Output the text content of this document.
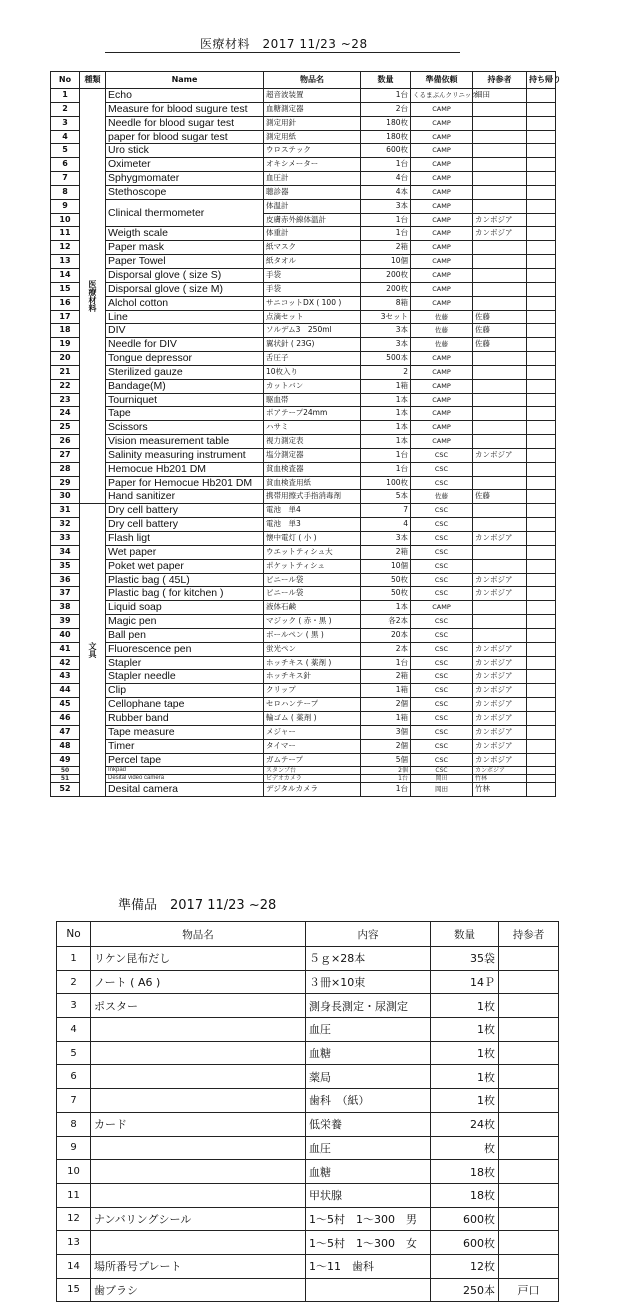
医療材料　2017 11/23 ~28
No	種類	Name	物品名	数量	準備依頼	持参者	持ち帰り
1	医療材料	Echo	超音波装置	1台	くるまぶんクリニック	細田	
2		Measure for blood sugure test	血糖測定器	2台	CAMP		
3		Needle for blood sugar test	測定用針	180枚	CAMP		
4		paper for blood sugar test	測定用紙	180枚	CAMP		
5		Uro stick	ウロステック	600枚	CAMP		
6		Oximeter	オキシメーター	1台	CAMP		
7		Sphygmomater	血圧計	4台	CAMP		
8		Stethoscope	聴診器	4本	CAMP		
9		Clinical thermometer	体温計	3本	CAMP		
10			皮膚赤外線体温計	1台	CAMP	カンボジア	
11		Weigth scale	体重計	1台	CAMP	カンボジア	
12		Paper mask	紙マスク	2箱	CAMP		
13		Paper Towel	紙タオル	10個	CAMP		
14		Disporsal glove ( size S)	手袋	200枚	CAMP		
15		Disporsal glove ( size M)	手袋	200枚	CAMP		
16		Alchol cotton	サニコットDX ( 100 )	8箱	CAMP		
17		Line	点滴セット	3セット	佐藤	佐藤	
18		DIV	ソルデム3　250ml	3本	佐藤	佐藤	
19		Needle for DIV	翼状針 ( 23G)	3本	佐藤	佐藤	
20		Tongue depressor	舌圧子	500本	CAMP		
21		Sterilized gauze	10枚入り	2	CAMP		
22		Bandage(M)	カットバン	1箱	CAMP		
23		Tourniquet	駆血帯	1本	CAMP		
24		Tape	ポアテープ24mm	1本	CAMP		
25		Scissors	ハサミ	1本	CAMP		
26		Vision measurement table	視力測定表	1本	CAMP		
27		Salinity measuring instrument	塩分測定器	1台	CSC	カンボジア	
28		Hemocue Hb201 DM	貧血検査器	1台	CSC		
29		Paper for Hemocue Hb201 DM	貧血検査用紙	100枚	CSC		
30		Hand sanitizer	携帯用擦式手指消毒剤	5本	佐藤	佐藤	
31	文具	Dry cell battery	電池　単4	7	CSC		
32		Dry cell battery	電池　単3	4	CSC		
33		Flash ligt	懐中電灯 ( 小 )	3本	CSC	カンボジア	
34		Wet paper	ウエットティシュ大	2箱	CSC		
35		Poket wet paper	ポケットティシュ	10個	CSC		
36		Plastic bag ( 45L)	ビニール袋	50枚	CSC	カンボジア	
37		Plastic bag ( for kitchen )	ビニール袋	50枚	CSC	カンボジア	
38		Liquid soap	液体石鹸	1本	CAMP		
39		Magic pen	マジック ( 赤・黒 )	各2本	CSC		
40		Ball pen	ボールペン ( 黒 )	20本	CSC		
41		Fluorescence pen	蛍光ペン	2本	CSC	カンボジア	
42		Stapler	ホッチキス ( 薬剤 )	1台	CSC	カンボジア	
43		Stapler needle	ホッチキス針	2箱	CSC	カンボジア	
44		Clip	クリップ	1箱	CSC	カンボジア	
45		Cellophane tape	セロハンテープ	2個	CSC	カンボジア	
46		Rubber band	輪ゴム ( 薬剤 )	1箱	CSC	カンボジア	
47		Tape measure	メジャー	3個	CSC	カンボジア	
48		Timer	タイマー	2個	CSC	カンボジア	
49		Percel tape	ガムテープ	5個	CSC	カンボジア	
50		Inkpad	スタンプ台	2個	CSC	カンボジア	
51		Desital video camera	ビデオカメラ	1台	岡田	竹林	
52		Desital camera	デジタルカメラ	1台	岡田	竹林	
準備品　2017 11/23 ~28
No	物品名	内容	数量	持参者
1	リケン昆布だし	５ｇ×28本	35袋	
2	ノート ( A6 )	３冊×10束	14Ｐ	
3	ポスター	測身長測定・尿測定	1枚	
4		血圧	1枚	
5		血糖	1枚	
6		薬局	1枚	
7		歯科　（紙）	1枚	
8	カード	低栄養	24枚	
9		血圧	枚	
10		血糖	18枚	
11		甲状腺	18枚	
12	ナンバリングシール	1～5村　1～300　男	600枚	
13		1～5村　1～300　女	600枚	
14	場所番号プレート	1～11　歯科	12枚	
15	歯ブラシ		250本	戸口
